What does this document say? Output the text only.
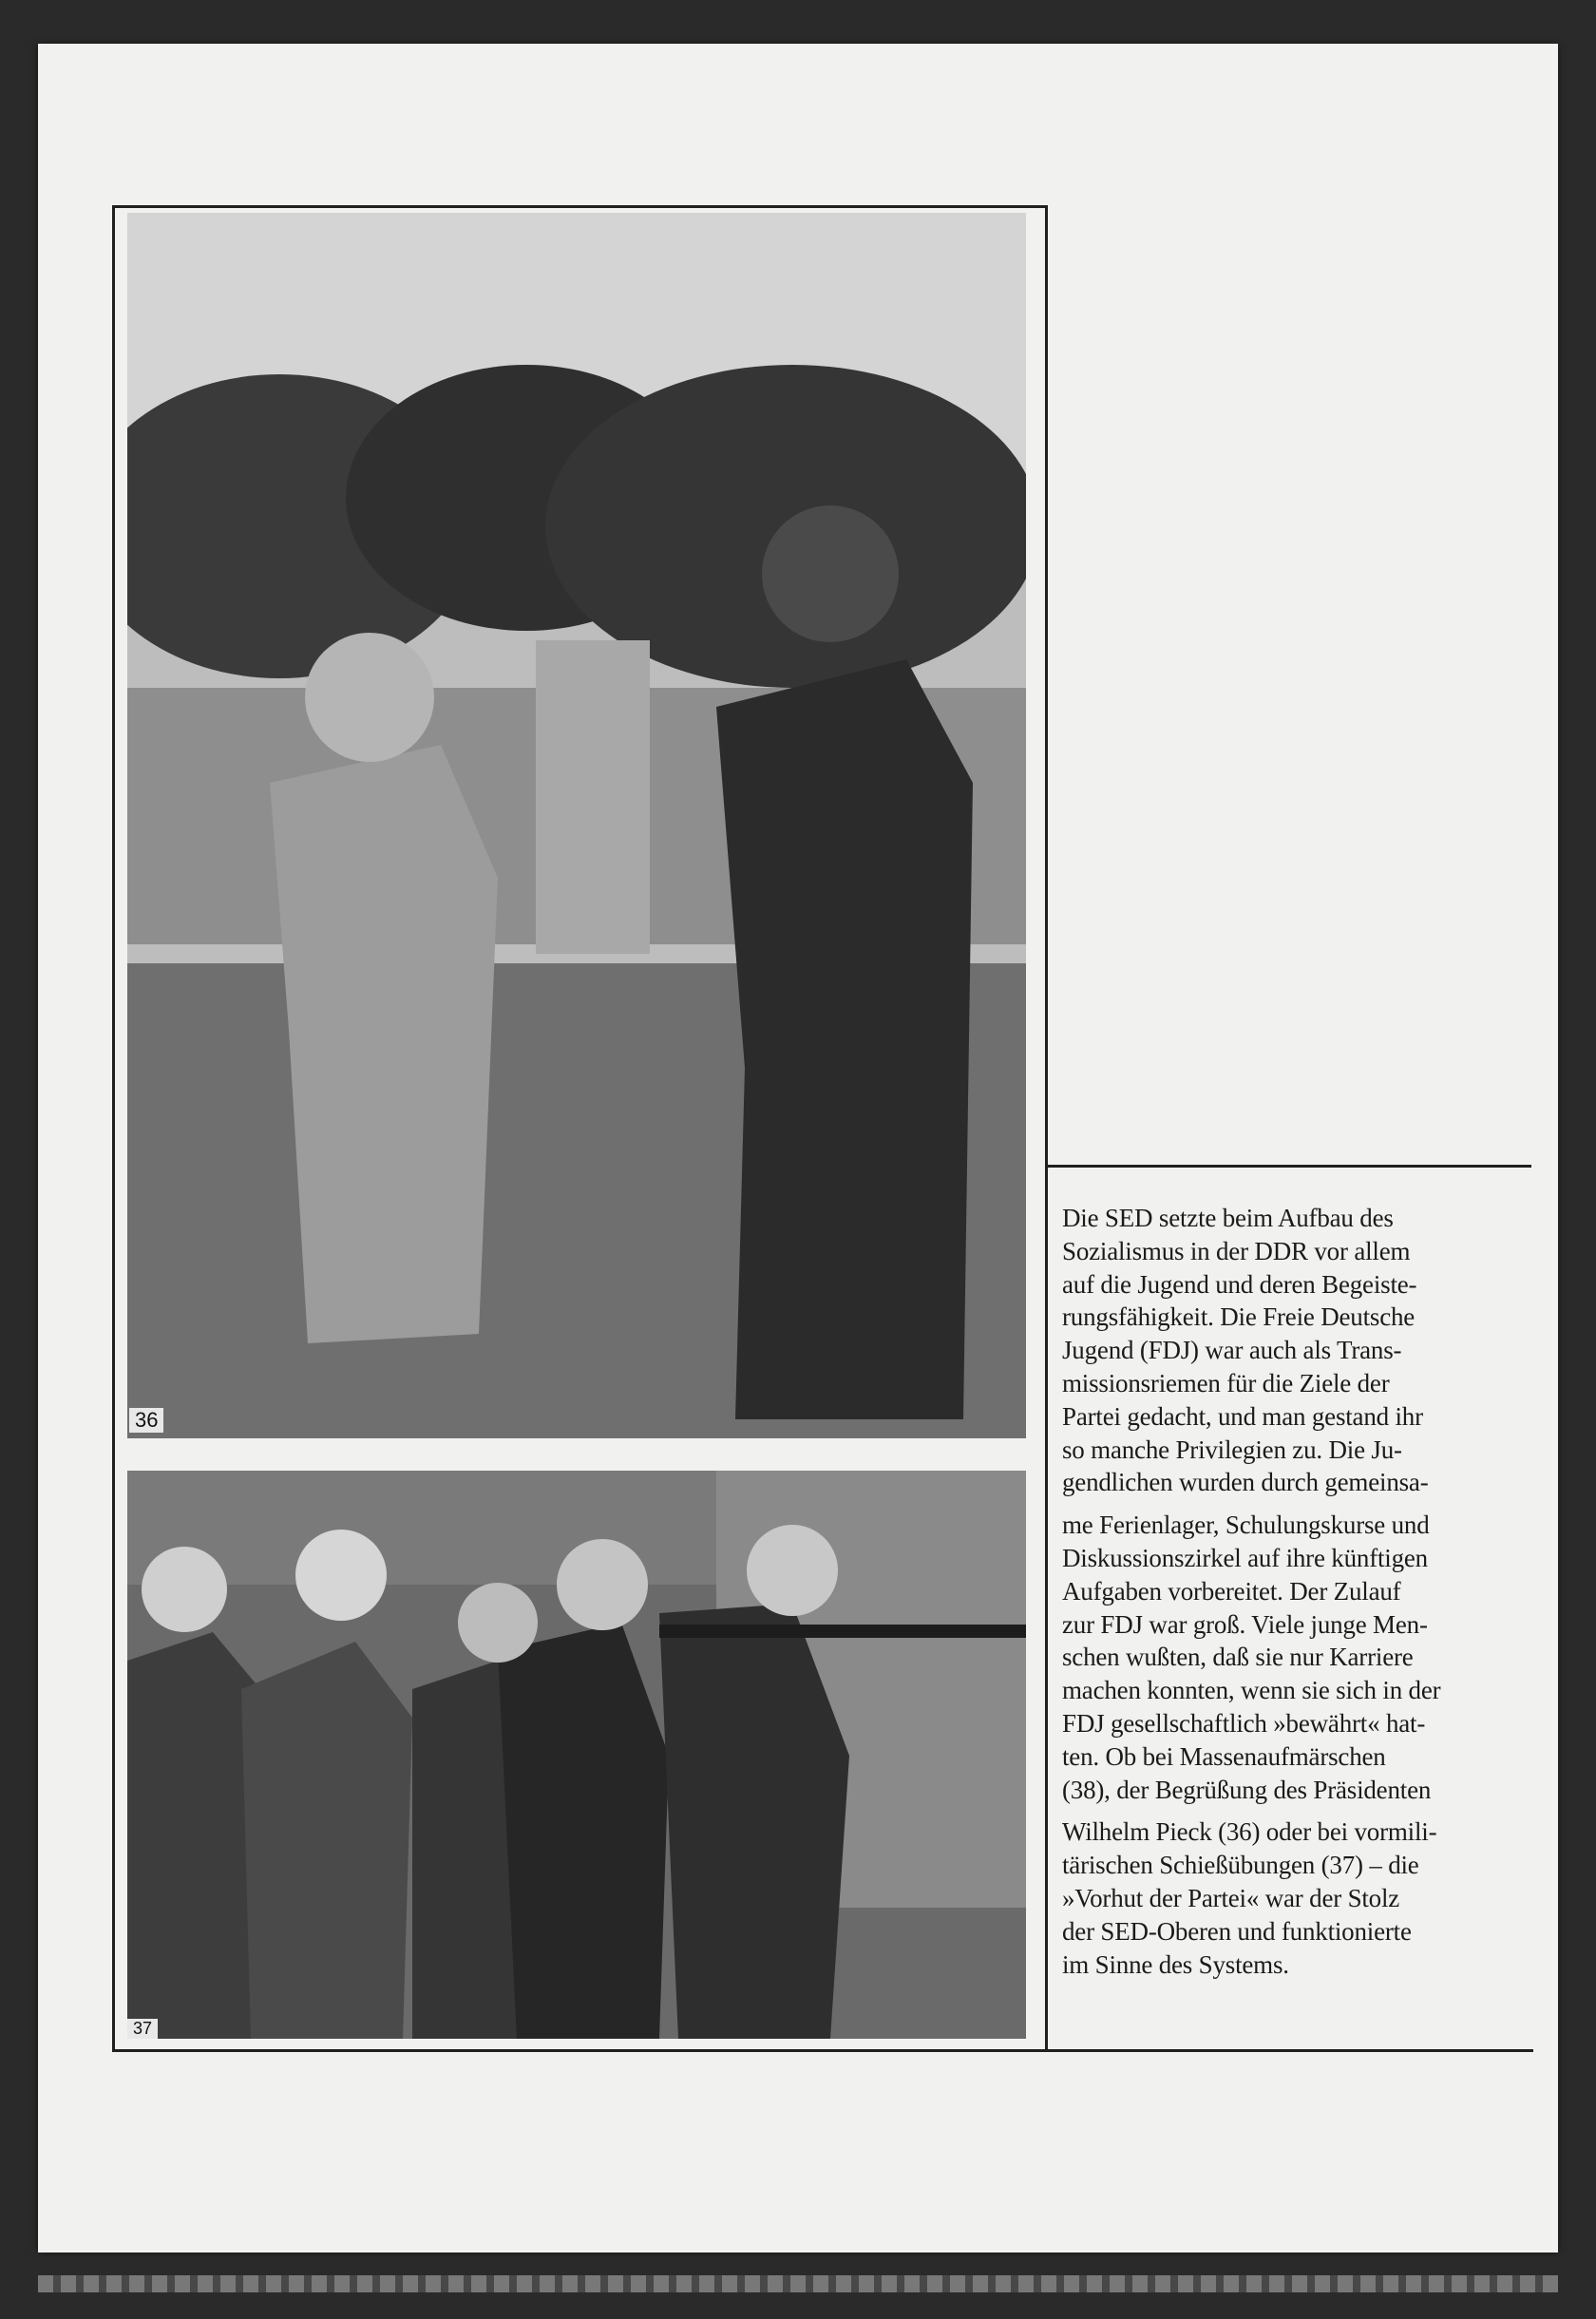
36
37

Die SED setzte beim Aufbau des
Sozialismus in der DDR vor allem
auf die Jugend und deren Begeiste-
rungsfähigkeit. Die Freie Deutsche
Jugend (FDJ) war auch als Trans-
missionsriemen für die Ziele der
Partei gedacht, und man gestand ihr
so manche Privilegien zu. Die Ju-
gendlichen wurden durch gemeinsa-

me Ferienlager, Schulungskurse und
Diskussionszirkel auf ihre künftigen
Aufgaben vorbereitet. Der Zulauf
zur FDJ war groß. Viele junge Men-
schen wußten, daß sie nur Karriere
machen konnten, wenn sie sich in der
FDJ gesellschaftlich »bewährt« hat-
ten. Ob bei Massenaufmärschen
(38), der Begrüßung des Präsidenten

Wilhelm Pieck (36) oder bei vormili-
tärischen Schießübungen (37) – die
»Vorhut der Partei« war der Stolz
der SED-Oberen und funktionierte
im Sinne des Systems.
